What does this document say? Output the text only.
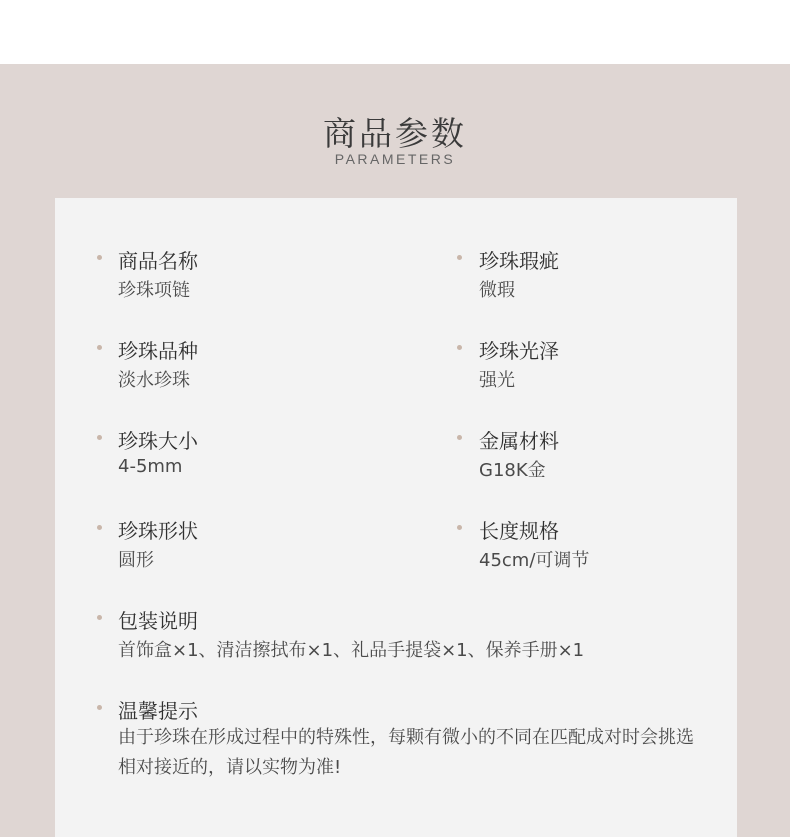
商品参数
PARAMETERS
商品名称
珍珠项链
珍珠品种
淡水珍珠
珍珠大小
4-5mm
珍珠形状
圆形
珍珠瑕疵
微瑕
珍珠光泽
强光
金属材料
G18K金
长度规格
45cm/可调节
包装说明
首饰盒×1、清洁擦拭布×1、礼品手提袋×1、保养手册×1
温馨提示
由于珍珠在形成过程中的特殊性，每颗有微小的不同在匹配成对时会挑选相对接近的，请以实物为准!
